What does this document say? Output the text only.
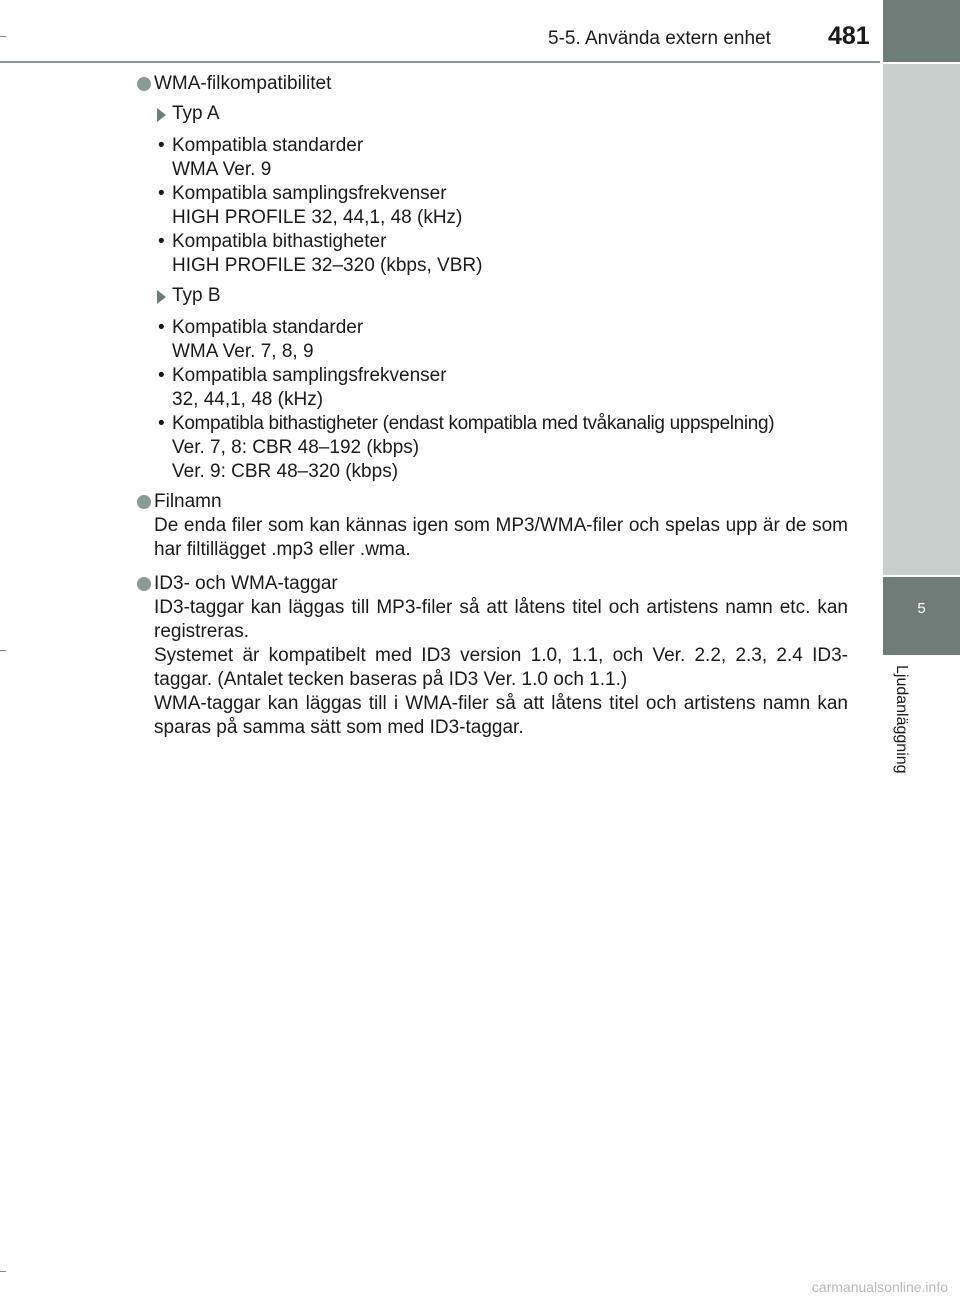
5-5. Använda extern enhet 481
5
Ljudanläggning
WMA-filkompatibilitet
Typ A
• Kompatibla standarder
WMA Ver. 9
• Kompatibla samplingsfrekvenser
HIGH PROFILE 32, 44,1, 48 (kHz)
• Kompatibla bithastigheter
HIGH PROFILE 32–320 (kbps, VBR)
Typ B
• Kompatibla standarder
WMA Ver. 7, 8, 9
• Kompatibla samplingsfrekvenser
32, 44,1, 48 (kHz)
• Kompatibla bithastigheter (endast kompatibla med tvåkanalig uppspelning)
Ver. 7, 8: CBR 48–192 (kbps)
Ver. 9: CBR 48–320 (kbps)
Filnamn
De enda filer som kan kännas igen som MP3/WMA-filer och spelas upp är de som har filtillägget .mp3 eller .wma.
ID3- och WMA-taggar
ID3-taggar kan läggas till MP3-filer så att låtens titel och artistens namn etc. kan registreras.
Systemet är kompatibelt med ID3 version 1.0, 1.1, och Ver. 2.2, 2.3, 2.4 ID3-taggar. (Antalet tecken baseras på ID3 Ver. 1.0 och 1.1.)
WMA-taggar kan läggas till i WMA-filer så att låtens titel och artistens namn kan sparas på samma sätt som med ID3-taggar.
carmanualsonline.info
